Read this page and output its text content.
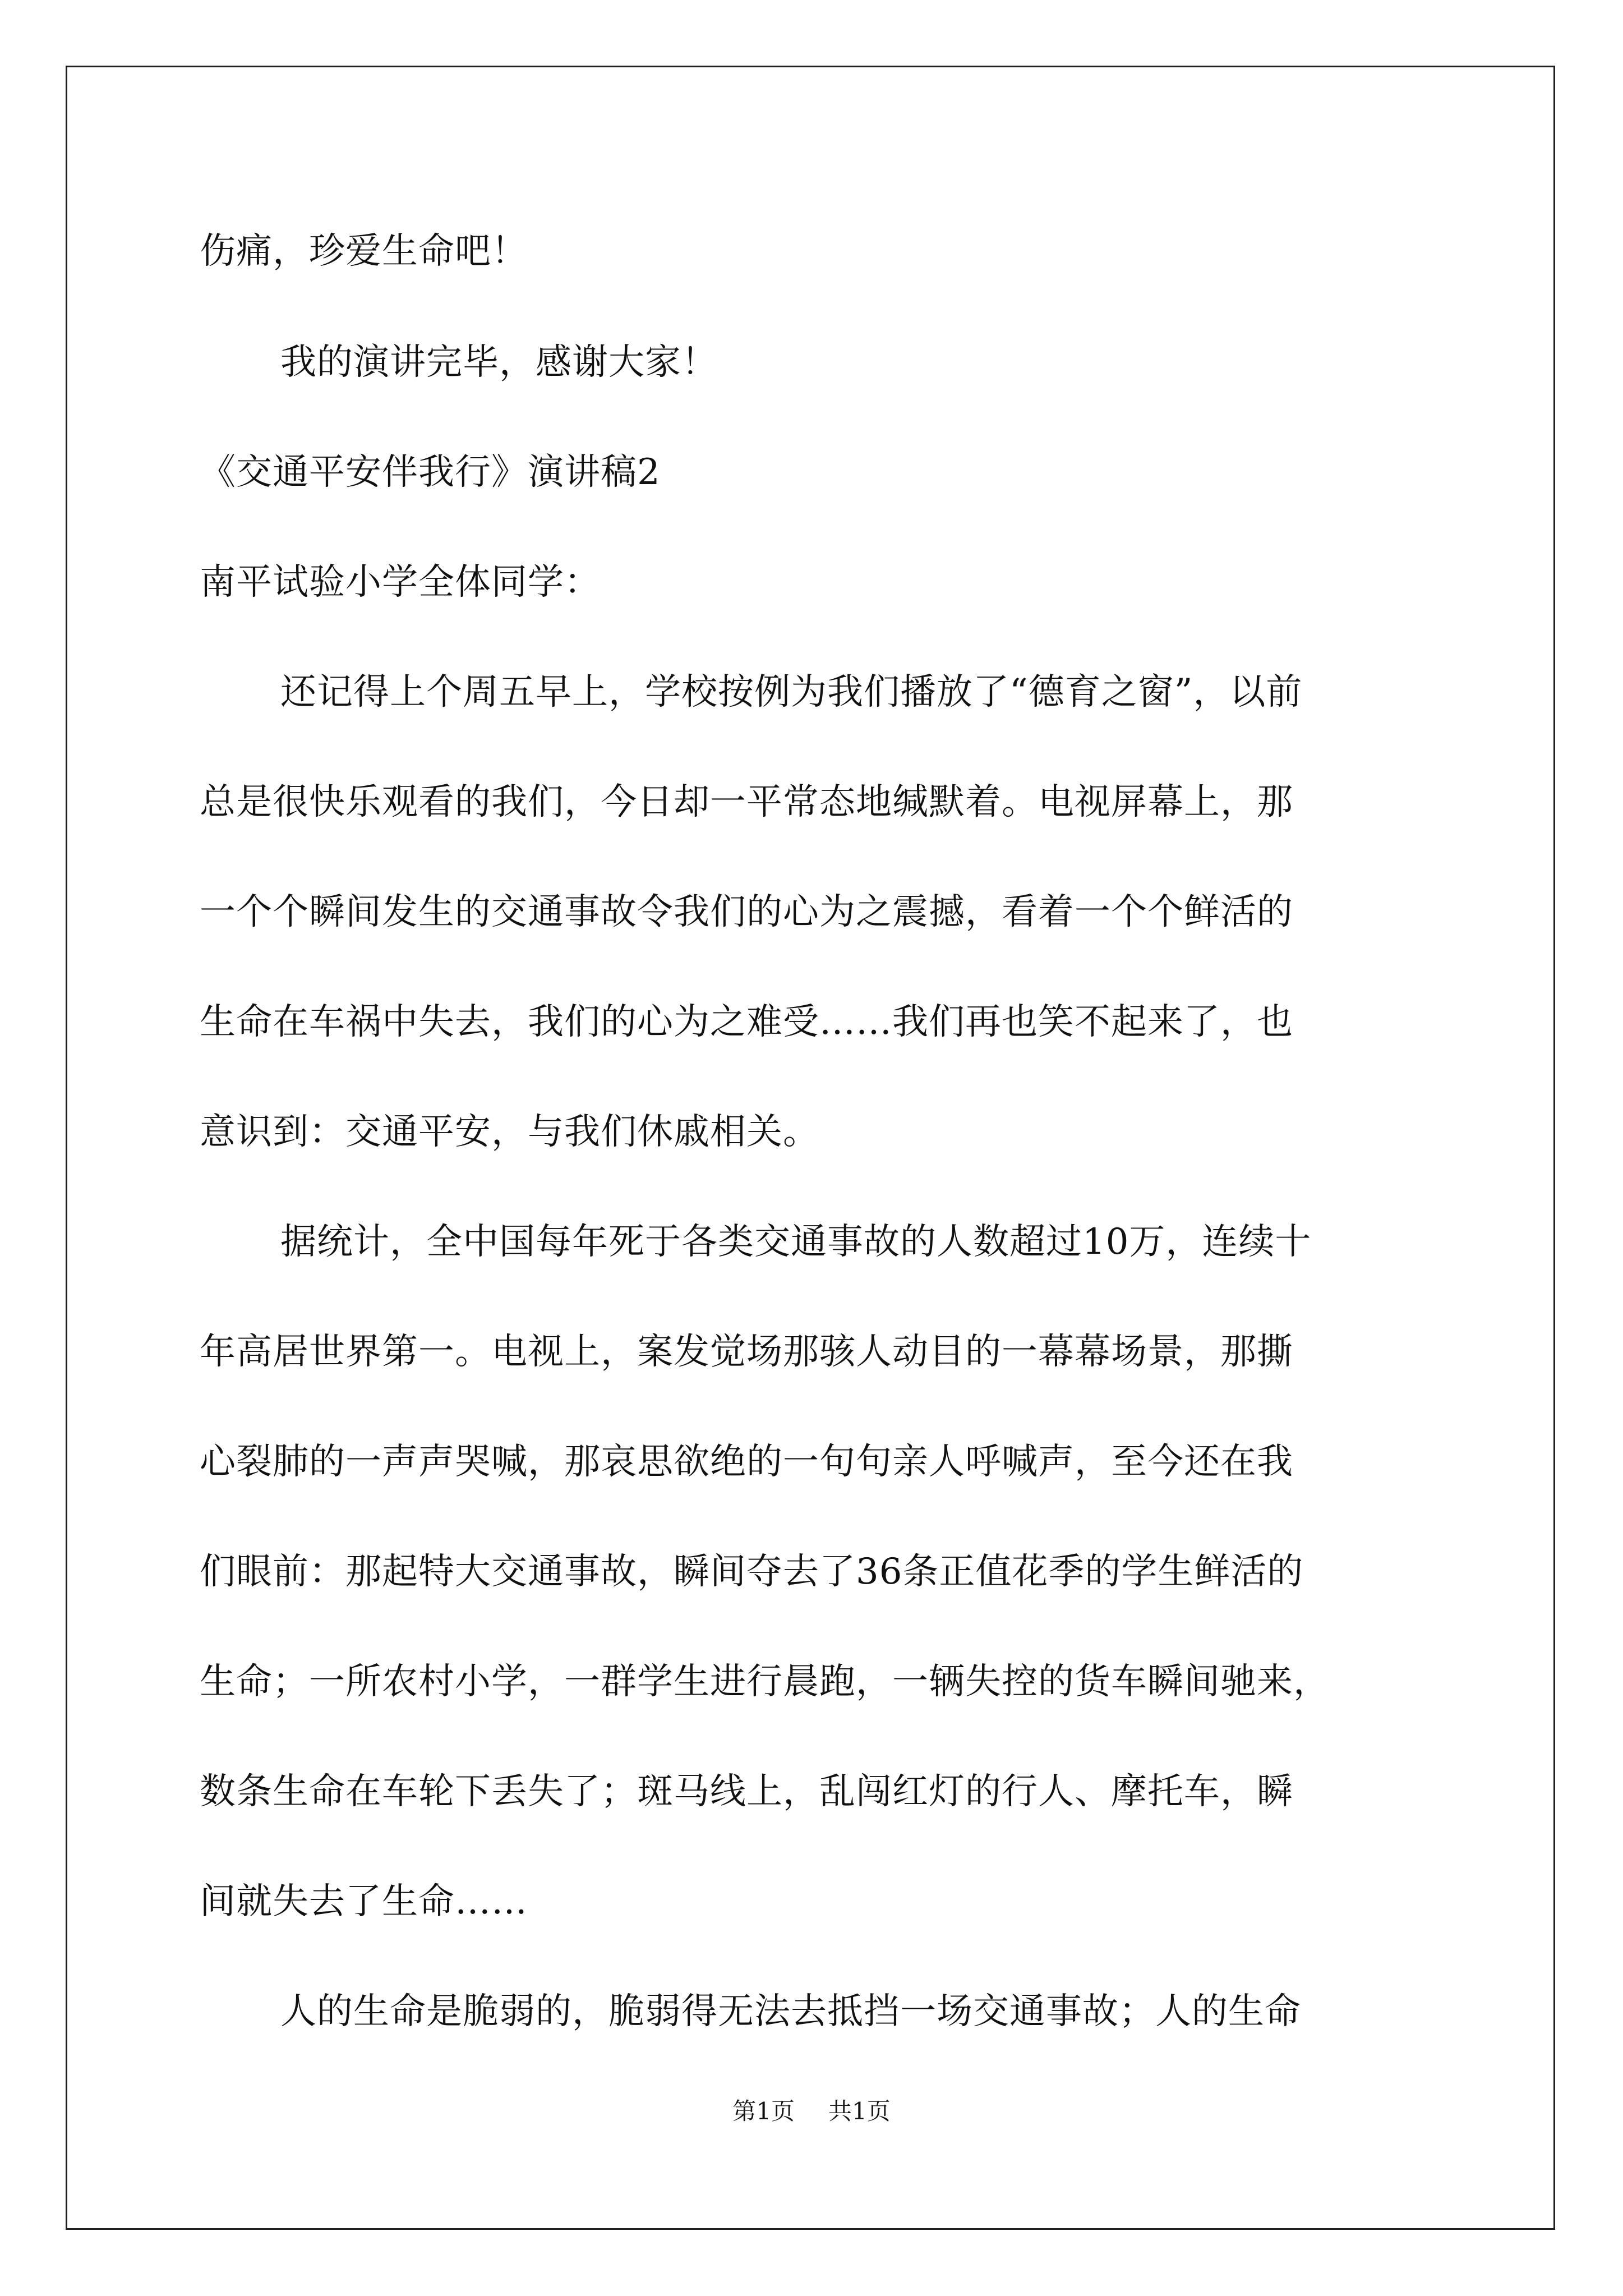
伤痛，珍爱生命吧！
我的演讲完毕，感谢大家！
《交通平安伴我行》演讲稿2
南平试验小学全体同学：
还记得上个周五早上，学校按例为我们播放了“德育之窗”，以前
总是很快乐观看的我们，今日却一平常态地缄默着。电视屏幕上，那
一个个瞬间发生的交通事故令我们的心为之震撼，看着一个个鲜活的
生命在车祸中失去，我们的心为之难受……我们再也笑不起来了，也
意识到：交通平安，与我们休戚相关。
据统计，全中国每年死于各类交通事故的人数超过10万，连续十
年高居世界第一。电视上，案发觉场那骇人动目的一幕幕场景，那撕
心裂肺的一声声哭喊，那哀思欲绝的一句句亲人呼喊声，至今还在我
们眼前：那起特大交通事故，瞬间夺去了36条正值花季的学生鲜活的
生命；一所农村小学，一群学生进行晨跑，一辆失控的货车瞬间驰来，
数条生命在车轮下丢失了；斑马线上，乱闯红灯的行人、摩托车，瞬
间就失去了生命……
人的生命是脆弱的，脆弱得无法去抵挡一场交通事故；人的生命
第1页 共1页
